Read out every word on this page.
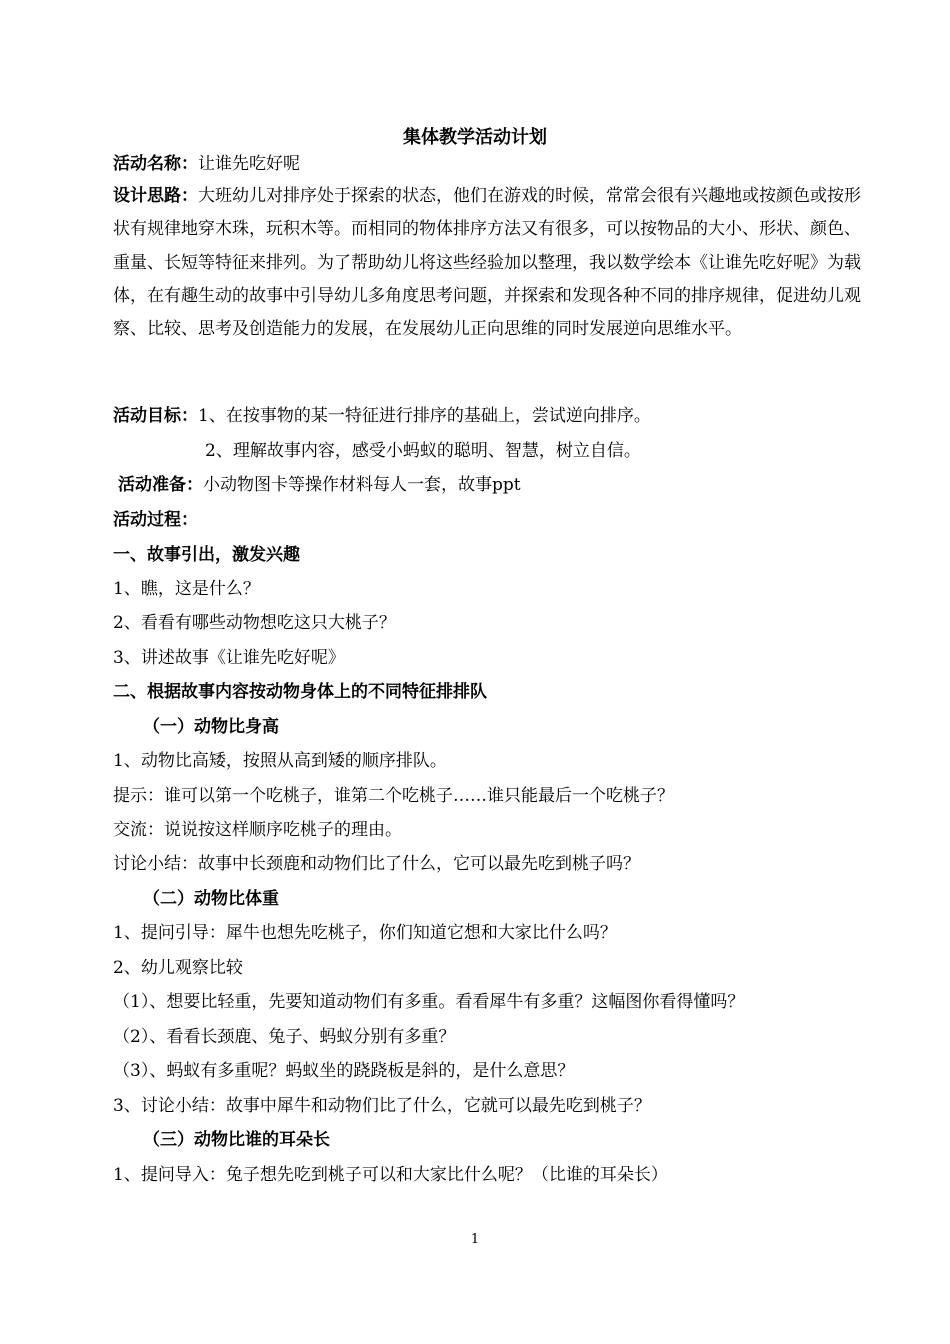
集体教学活动计划
活动名称：让谁先吃好呢
设计思路：大班幼儿对排序处于探索的状态，他们在游戏的时候，常常会很有兴趣地或按颜色或按形状有规律地穿木珠，玩积木等。而相同的物体排序方法又有很多，可以按物品的大小、形状、颜色、重量、长短等特征来排列。为了帮助幼儿将这些经验加以整理，我以数学绘本《让谁先吃好呢》为载体，在有趣生动的故事中引导幼儿多角度思考问题，并探索和发现各种不同的排序规律，促进幼儿观察、比较、思考及创造能力的发展，在发展幼儿正向思维的同时发展逆向思维水平。
活动目标：1、在按事物的某一特征进行排序的基础上，尝试逆向排序。
2、理解故事内容，感受小蚂蚁的聪明、智慧，树立自信。
活动准备：小动物图卡等操作材料每人一套，故事ppt
活动过程：
一、故事引出，激发兴趣
1、瞧，这是什么？
2、看看有哪些动物想吃这只大桃子？
3、讲述故事《让谁先吃好呢》
二、根据故事内容按动物身体上的不同特征排排队
（一）动物比身高
1、动物比高矮，按照从高到矮的顺序排队。
提示：谁可以第一个吃桃子，谁第二个吃桃子……谁只能最后一个吃桃子？
交流：说说按这样顺序吃桃子的理由。
讨论小结：故事中长颈鹿和动物们比了什么，它可以最先吃到桃子吗？
（二）动物比体重
1、提问引导：犀牛也想先吃桃子，你们知道它想和大家比什么吗？
2、幼儿观察比较
（1）、想要比轻重，先要知道动物们有多重。看看犀牛有多重？这幅图你看得懂吗？
（2）、看看长颈鹿、兔子、蚂蚁分别有多重？
（3）、蚂蚁有多重呢？蚂蚁坐的跷跷板是斜的，是什么意思？
3、讨论小结：故事中犀牛和动物们比了什么，它就可以最先吃到桃子？
（三）动物比谁的耳朵长
1、提问导入：兔子想先吃到桃子可以和大家比什么呢？（比谁的耳朵长）
1
